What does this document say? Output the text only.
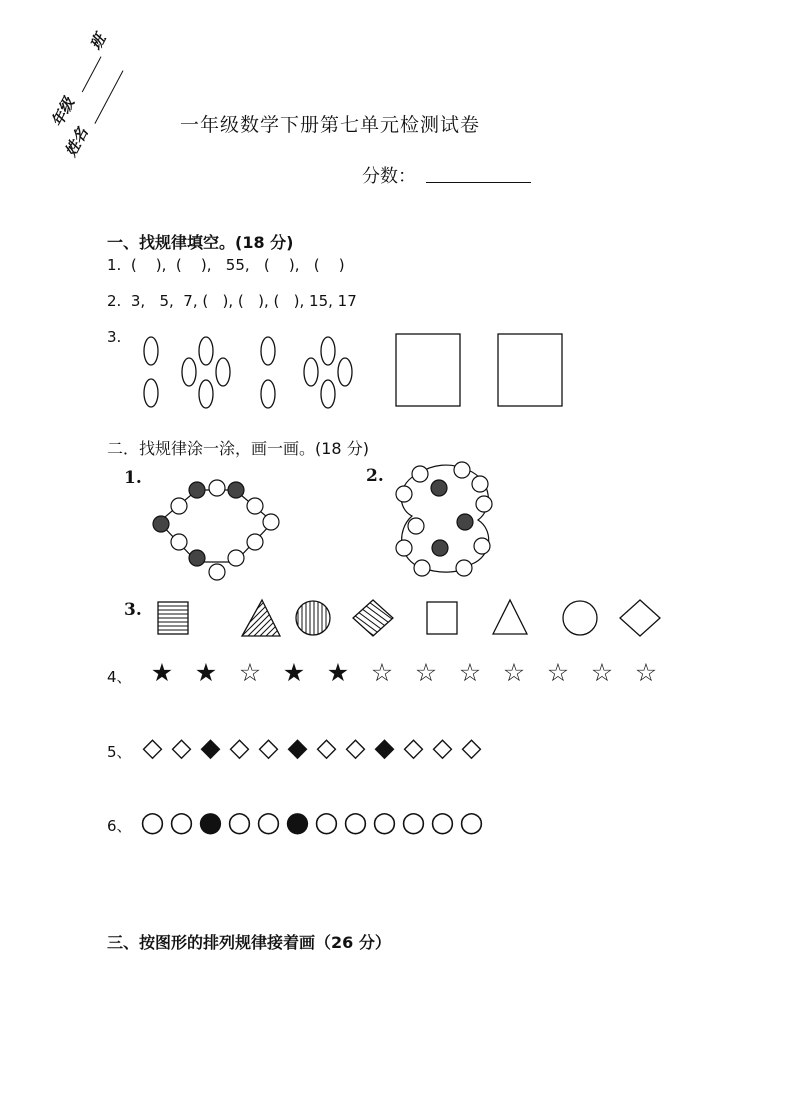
年级
班
姓名	一年级数学下册第七单元检测试卷
分数：
一、找规律填空。(18 分)
1.  (    ),  (    ),   55,   (    ),   (    )
2.  3,   5,  7, (   ), (   ), (   ), 15, 17
3.
二．找规律涂一涂，画一画。(18 分)
1.	2.
3.
4、 ★ ★ ☆ ★ ★ ☆ ☆ ☆ ☆ ☆ ☆ ☆
5、 ◇ ◇ ◆ ◇ ◇ ◆ ◇ ◇ ◆ ◇ ◇ ◇
6、 ○ ○ ● ○ ○ ● ○ ○ ○ ○ ○ ○
三、按图形的排列规律接着画（26 分）
